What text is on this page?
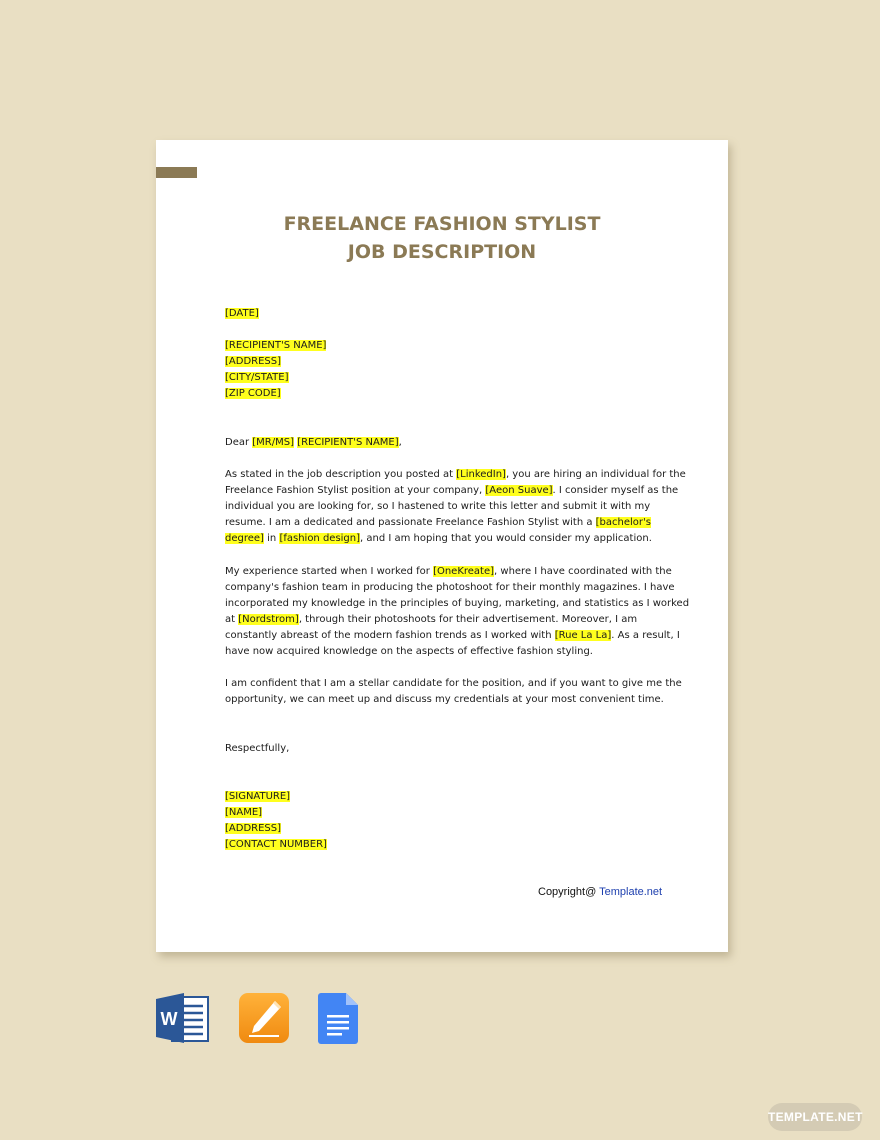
FREELANCE FASHION STYLIST
JOB DESCRIPTION
[DATE]
[RECIPIENT'S NAME]
[ADDRESS]
[CITY/STATE]
[ZIP CODE]
Dear [MR/MS] [RECIPIENT'S NAME],
As stated in the job description you posted at [LinkedIn], you are hiring an individual for the
Freelance Fashion Stylist position at your company, [Aeon Suave]. I consider myself as the
individual you are looking for, so I hastened to write this letter and submit it with my
resume. I am a dedicated and passionate Freelance Fashion Stylist with a [bachelor's
degree] in [fashion design], and I am hoping that you would consider my application.
My experience started when I worked for [OneKreate], where I have coordinated with the
company's fashion team in producing the photoshoot for their monthly magazines. I have
incorporated my knowledge in the principles of buying, marketing, and statistics as I worked
at [Nordstrom], through their photoshoots for their advertisement. Moreover, I am
constantly abreast of the modern fashion trends as I worked with [Rue La La]. As a result, I
have now acquired knowledge on the aspects of effective fashion styling.
I am confident that I am a stellar candidate for the position, and if you want to give me the
opportunity, we can meet up and discuss my credentials at your most convenient time.
Respectfully,
[SIGNATURE]
[NAME]
[ADDRESS]
[CONTACT NUMBER]
Copyright@ Template.net
W
TEMPLATE.NET
